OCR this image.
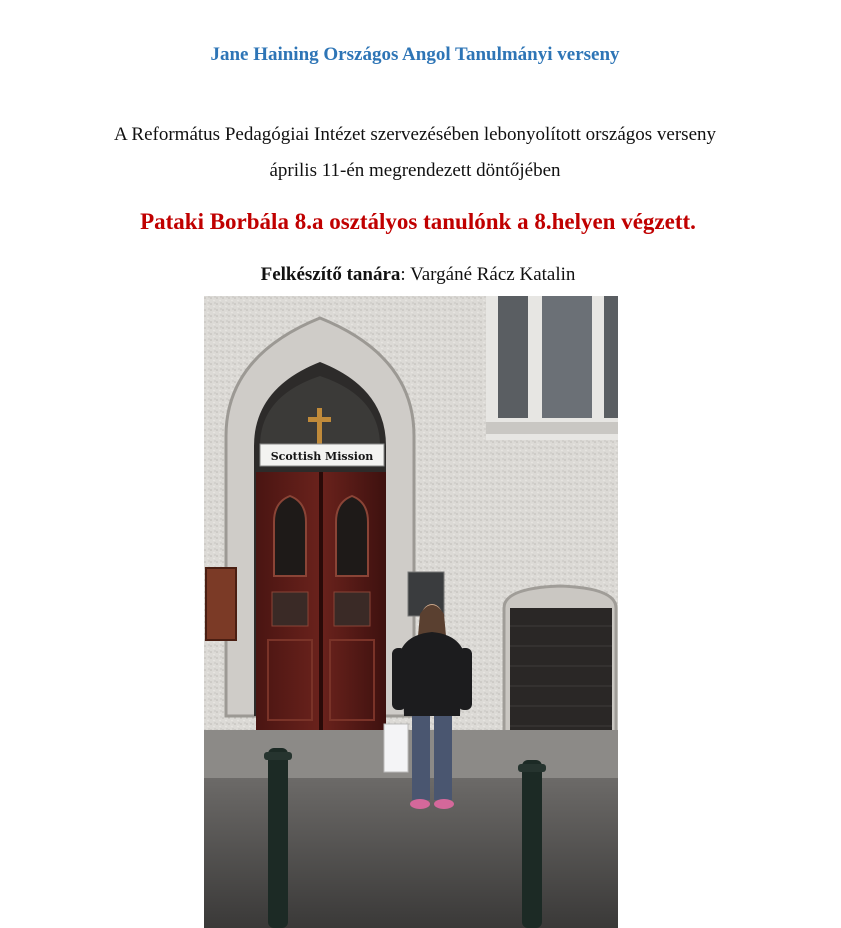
Jane Haining Országos Angol Tanulmányi verseny
A Református Pedagógiai Intézet szervezésében lebonyolított országos verseny
április 11-én megrendezett döntőjében
Pataki Borbála 8.a osztályos tanulónk a 8.helyen végzett.
Felkészítő tanára: Vargáné Rácz Katalin
Scottish Mission
